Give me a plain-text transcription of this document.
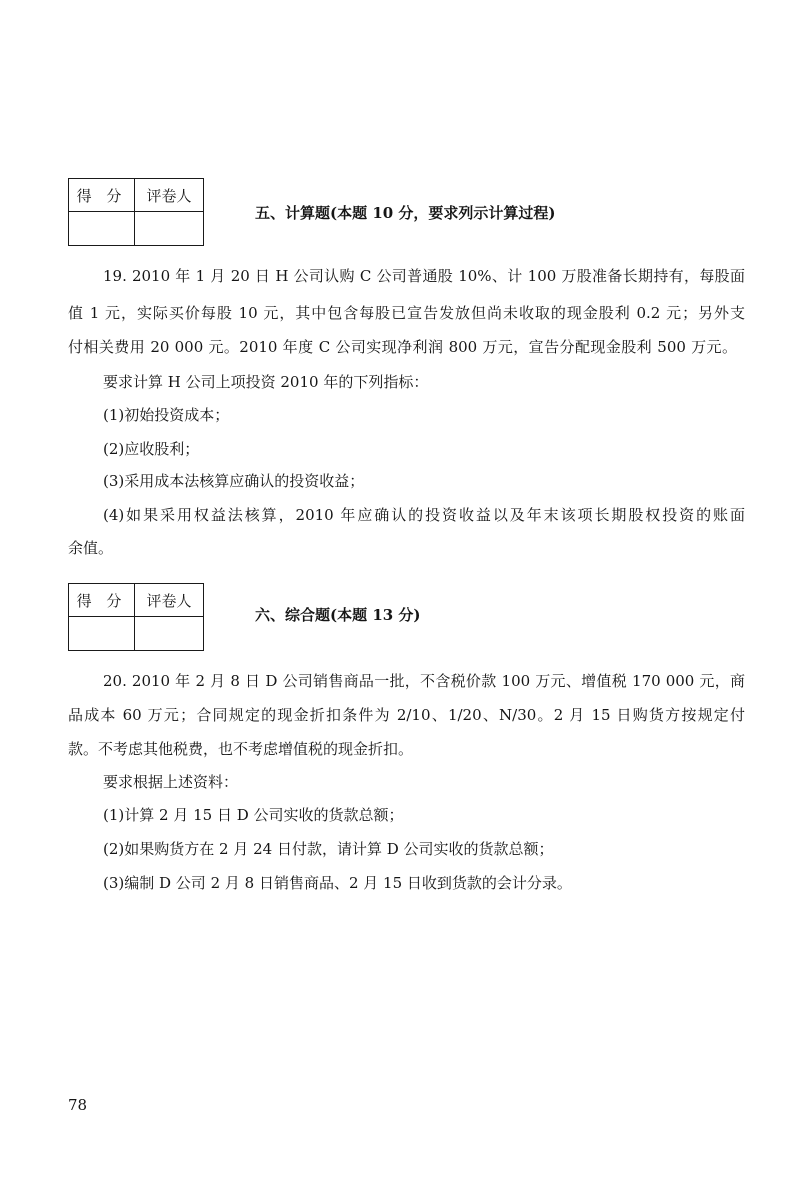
得 分	评卷人
五、计算题(本题 10 分，要求列示计算过程)
19. 2010 年 1 月 20 日 H 公司认购 C 公司普通股 10%、计 100 万股准备长期持有，每股面
值 1 元，实际买价每股 10 元，其中包含每股已宣告发放但尚未收取的现金股利 0.2 元；另外支
付相关费用 20 000 元。2010 年度 C 公司实现净利润 800 万元，宣告分配现金股利 500 万元。
要求计算 H 公司上项投资 2010 年的下列指标：
(1)初始投资成本；
(2)应收股利；
(3)采用成本法核算应确认的投资收益；
(4)如果采用权益法核算，2010 年应确认的投资收益以及年末该项长期股权投资的账面
余值。
得 分	评卷人
六、综合题(本题 13 分)
20. 2010 年 2 月 8 日 D 公司销售商品一批，不含税价款 100 万元、增值税 170 000 元，商
品成本 60 万元；合同规定的现金折扣条件为 2/10、1/20、N/30。2 月 15 日购货方按规定付
款。不考虑其他税费，也不考虑增值税的现金折扣。
要求根据上述资料：
(1)计算 2 月 15 日 D 公司实收的货款总额；
(2)如果购货方在 2 月 24 日付款，请计算 D 公司实收的货款总额；
(3)编制 D 公司 2 月 8 日销售商品、2 月 15 日收到货款的会计分录。
78
